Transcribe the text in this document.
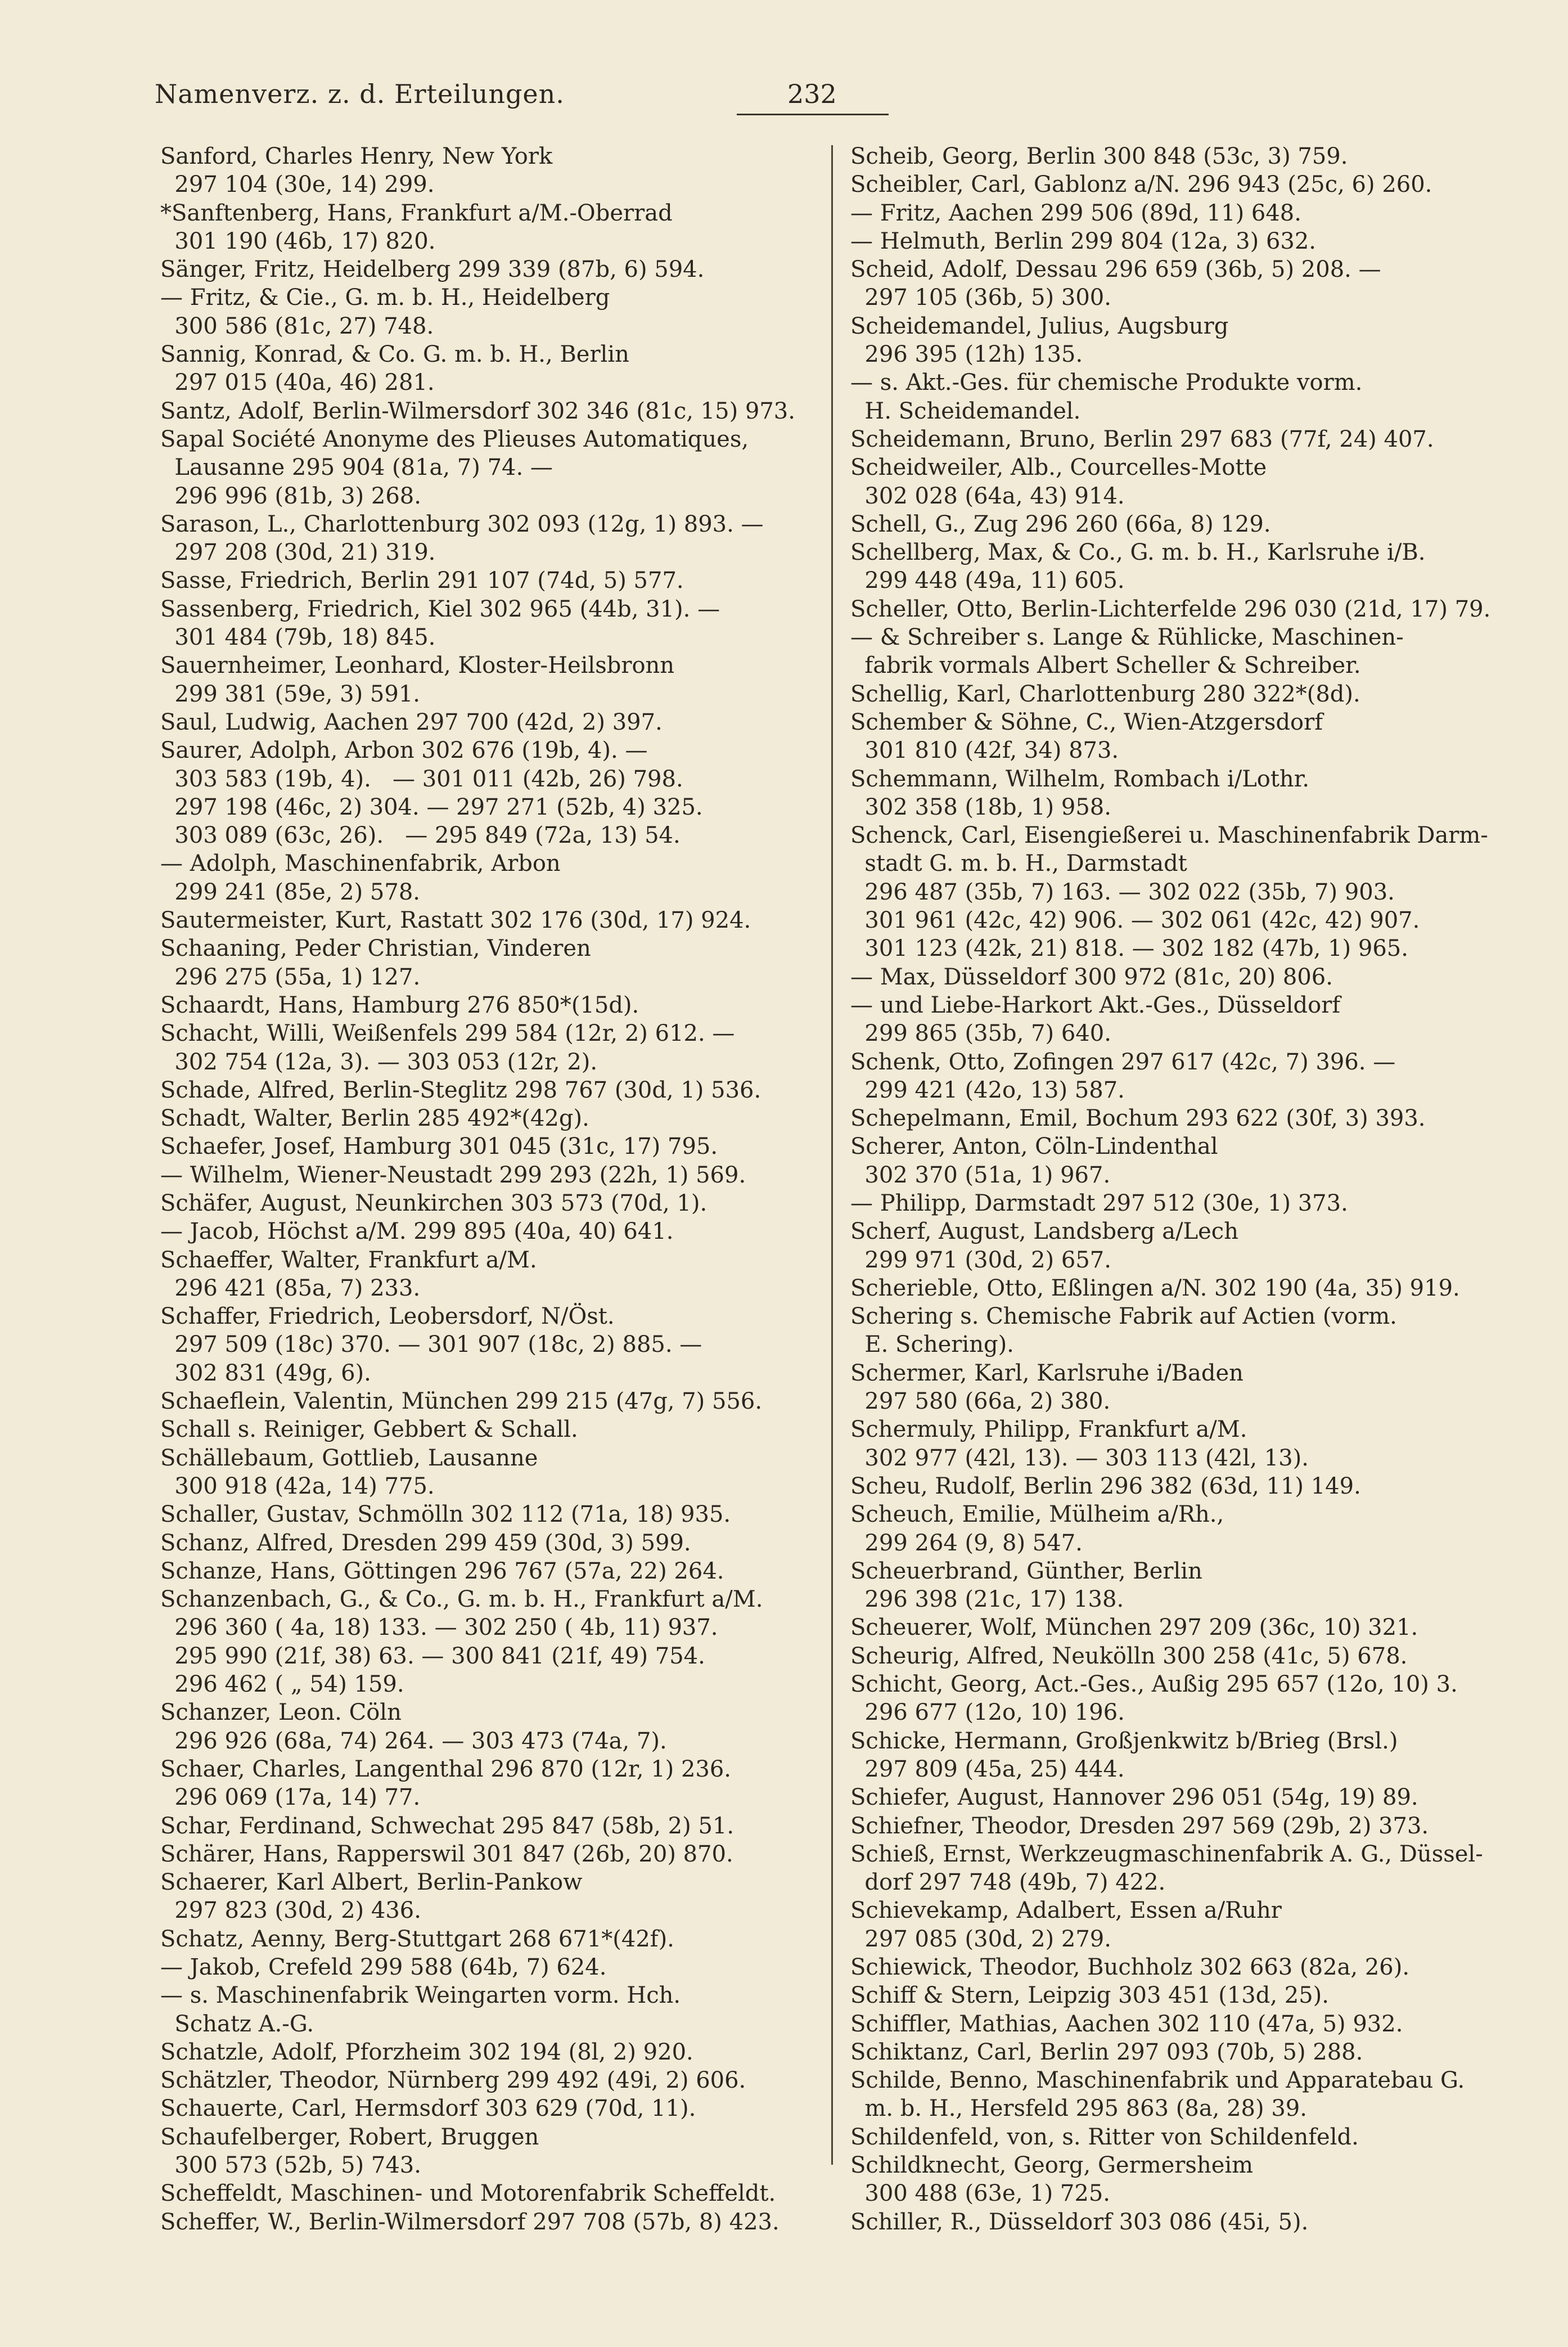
Namenverz. z. d. Erteilungen.	232
Sanford, Charles Henry, New York
297 104 (30e, 14) 299.
*Sanftenberg, Hans, Frankfurt a/M.-Oberrad
301 190 (46b, 17) 820.
Sänger, Fritz, Heidelberg 299 339 (87b, 6) 594.
— Fritz, & Cie., G. m. b. H., Heidelberg
300 586 (81c, 27) 748.
Sannig, Konrad, & Co. G. m. b. H., Berlin
297 015 (40a, 46) 281.
Santz, Adolf, Berlin-Wilmersdorf 302 346 (81c, 15) 973.
Sapal Société Anonyme des Plieuses Automatiques,
Lausanne 295 904 (81a, 7) 74. —
296 996 (81b, 3) 268.
Sarason, L., Charlottenburg 302 093 (12g, 1) 893. —
297 208 (30d, 21) 319.
Sasse, Friedrich, Berlin 291 107 (74d, 5) 577.
Sassenberg, Friedrich, Kiel 302 965 (44b, 31). —
301 484 (79b, 18) 845.
Sauernheimer, Leonhard, Kloster-Heilsbronn
299 381 (59e, 3) 591.
Saul, Ludwig, Aachen 297 700 (42d, 2) 397.
Saurer, Adolph, Arbon 302 676 (19b, 4). —
303 583 (19b, 4).   — 301 011 (42b, 26) 798.
297 198 (46c, 2) 304. — 297 271 (52b, 4) 325.
303 089 (63c, 26).   — 295 849 (72a, 13) 54.
— Adolph, Maschinenfabrik, Arbon
299 241 (85e, 2) 578.
Sautermeister, Kurt, Rastatt 302 176 (30d, 17) 924.
Schaaning, Peder Christian, Vinderen
296 275 (55a, 1) 127.
Schaardt, Hans, Hamburg 276 850*(15d).
Schacht, Willi, Weißenfels 299 584 (12r, 2) 612. —
302 754 (12a, 3). — 303 053 (12r, 2).
Schade, Alfred, Berlin-Steglitz 298 767 (30d, 1) 536.
Schadt, Walter, Berlin 285 492*(42g).
Schaefer, Josef, Hamburg 301 045 (31c, 17) 795.
— Wilhelm, Wiener-Neustadt 299 293 (22h, 1) 569.
Schäfer, August, Neunkirchen 303 573 (70d, 1).
— Jacob, Höchst a/M. 299 895 (40a, 40) 641.
Schaeffer, Walter, Frankfurt a/M.
296 421 (85a, 7) 233.
Schaffer, Friedrich, Leobersdorf, N/Öst.
297 509 (18c) 370. — 301 907 (18c, 2) 885. —
302 831 (49g, 6).
Schaeflein, Valentin, München 299 215 (47g, 7) 556.
Schall s. Reiniger, Gebbert & Schall.
Schällebaum, Gottlieb, Lausanne
300 918 (42a, 14) 775.
Schaller, Gustav, Schmölln 302 112 (71a, 18) 935.
Schanz, Alfred, Dresden 299 459 (30d, 3) 599.
Schanze, Hans, Göttingen 296 767 (57a, 22) 264.
Schanzenbach, G., & Co., G. m. b. H., Frankfurt a/M.
296 360 ( 4a, 18) 133. — 302 250 ( 4b, 11) 937.
295 990 (21f, 38) 63. — 300 841 (21f, 49) 754.
296 462 ( „ 54) 159.
Schanzer, Leon. Cöln
296 926 (68a, 74) 264. — 303 473 (74a, 7).
Schaer, Charles, Langenthal 296 870 (12r, 1) 236.
296 069 (17a, 14) 77.
Schar, Ferdinand, Schwechat 295 847 (58b, 2) 51.
Schärer, Hans, Rapperswil 301 847 (26b, 20) 870.
Schaerer, Karl Albert, Berlin-Pankow
297 823 (30d, 2) 436.
Schatz, Aenny, Berg-Stuttgart 268 671*(42f).
— Jakob, Crefeld 299 588 (64b, 7) 624.
— s. Maschinenfabrik Weingarten vorm. Hch.
Schatz A.-G.
Schatzle, Adolf, Pforzheim 302 194 (8l, 2) 920.
Schätzler, Theodor, Nürnberg 299 492 (49i, 2) 606.
Schauerte, Carl, Hermsdorf 303 629 (70d, 11).
Schaufelberger, Robert, Bruggen
300 573 (52b, 5) 743.
Scheffeldt, Maschinen- und Motorenfabrik Scheffeldt.
Scheffer, W., Berlin-Wilmersdorf 297 708 (57b, 8) 423.
Scheib, Georg, Berlin 300 848 (53c, 3) 759.
Scheibler, Carl, Gablonz a/N. 296 943 (25c, 6) 260.
— Fritz, Aachen 299 506 (89d, 11) 648.
— Helmuth, Berlin 299 804 (12a, 3) 632.
Scheid, Adolf, Dessau 296 659 (36b, 5) 208. —
297 105 (36b, 5) 300.
Scheidemandel, Julius, Augsburg
296 395 (12h) 135.
— s. Akt.-Ges. für chemische Produkte vorm.
H. Scheidemandel.
Scheidemann, Bruno, Berlin 297 683 (77f, 24) 407.
Scheidweiler, Alb., Courcelles-Motte
302 028 (64a, 43) 914.
Schell, G., Zug 296 260 (66a, 8) 129.
Schellberg, Max, & Co., G. m. b. H., Karlsruhe i/B.
299 448 (49a, 11) 605.
Scheller, Otto, Berlin-Lichterfelde 296 030 (21d, 17) 79.
— & Schreiber s. Lange & Rühlicke, Maschinen-
fabrik vormals Albert Scheller & Schreiber.
Schellig, Karl, Charlottenburg 280 322*(8d).
Schember & Söhne, C., Wien-Atzgersdorf
301 810 (42f, 34) 873.
Schemmann, Wilhelm, Rombach i/Lothr.
302 358 (18b, 1) 958.
Schenck, Carl, Eisengießerei u. Maschinenfabrik Darm-
stadt G. m. b. H., Darmstadt
296 487 (35b, 7) 163. — 302 022 (35b, 7) 903.
301 961 (42c, 42) 906. — 302 061 (42c, 42) 907.
301 123 (42k, 21) 818. — 302 182 (47b, 1) 965.
— Max, Düsseldorf 300 972 (81c, 20) 806.
— und Liebe-Harkort Akt.-Ges., Düsseldorf
299 865 (35b, 7) 640.
Schenk, Otto, Zofingen 297 617 (42c, 7) 396. —
299 421 (42o, 13) 587.
Schepelmann, Emil, Bochum 293 622 (30f, 3) 393.
Scherer, Anton, Cöln-Lindenthal
302 370 (51a, 1) 967.
— Philipp, Darmstadt 297 512 (30e, 1) 373.
Scherf, August, Landsberg a/Lech
299 971 (30d, 2) 657.
Scherieble, Otto, Eßlingen a/N. 302 190 (4a, 35) 919.
Schering s. Chemische Fabrik auf Actien (vorm.
E. Schering).
Schermer, Karl, Karlsruhe i/Baden
297 580 (66a, 2) 380.
Schermuly, Philipp, Frankfurt a/M.
302 977 (42l, 13). — 303 113 (42l, 13).
Scheu, Rudolf, Berlin 296 382 (63d, 11) 149.
Scheuch, Emilie, Mülheim a/Rh.,
299 264 (9, 8) 547.
Scheuerbrand, Günther, Berlin
296 398 (21c, 17) 138.
Scheuerer, Wolf, München 297 209 (36c, 10) 321.
Scheurig, Alfred, Neukölln 300 258 (41c, 5) 678.
Schicht, Georg, Act.-Ges., Außig 295 657 (12o, 10) 3.
296 677 (12o, 10) 196.
Schicke, Hermann, Großjenkwitz b/Brieg (Brsl.)
297 809 (45a, 25) 444.
Schiefer, August, Hannover 296 051 (54g, 19) 89.
Schiefner, Theodor, Dresden 297 569 (29b, 2) 373.
Schieß, Ernst, Werkzeugmaschinenfabrik A. G., Düssel-
dorf 297 748 (49b, 7) 422.
Schievekamp, Adalbert, Essen a/Ruhr
297 085 (30d, 2) 279.
Schiewick, Theodor, Buchholz 302 663 (82a, 26).
Schiff & Stern, Leipzig 303 451 (13d, 25).
Schiffler, Mathias, Aachen 302 110 (47a, 5) 932.
Schiktanz, Carl, Berlin 297 093 (70b, 5) 288.
Schilde, Benno, Maschinenfabrik und Apparatebau G.
m. b. H., Hersfeld 295 863 (8a, 28) 39.
Schildenfeld, von, s. Ritter von Schildenfeld.
Schildknecht, Georg, Germersheim
300 488 (63e, 1) 725.
Schiller, R., Düsseldorf 303 086 (45i, 5).
